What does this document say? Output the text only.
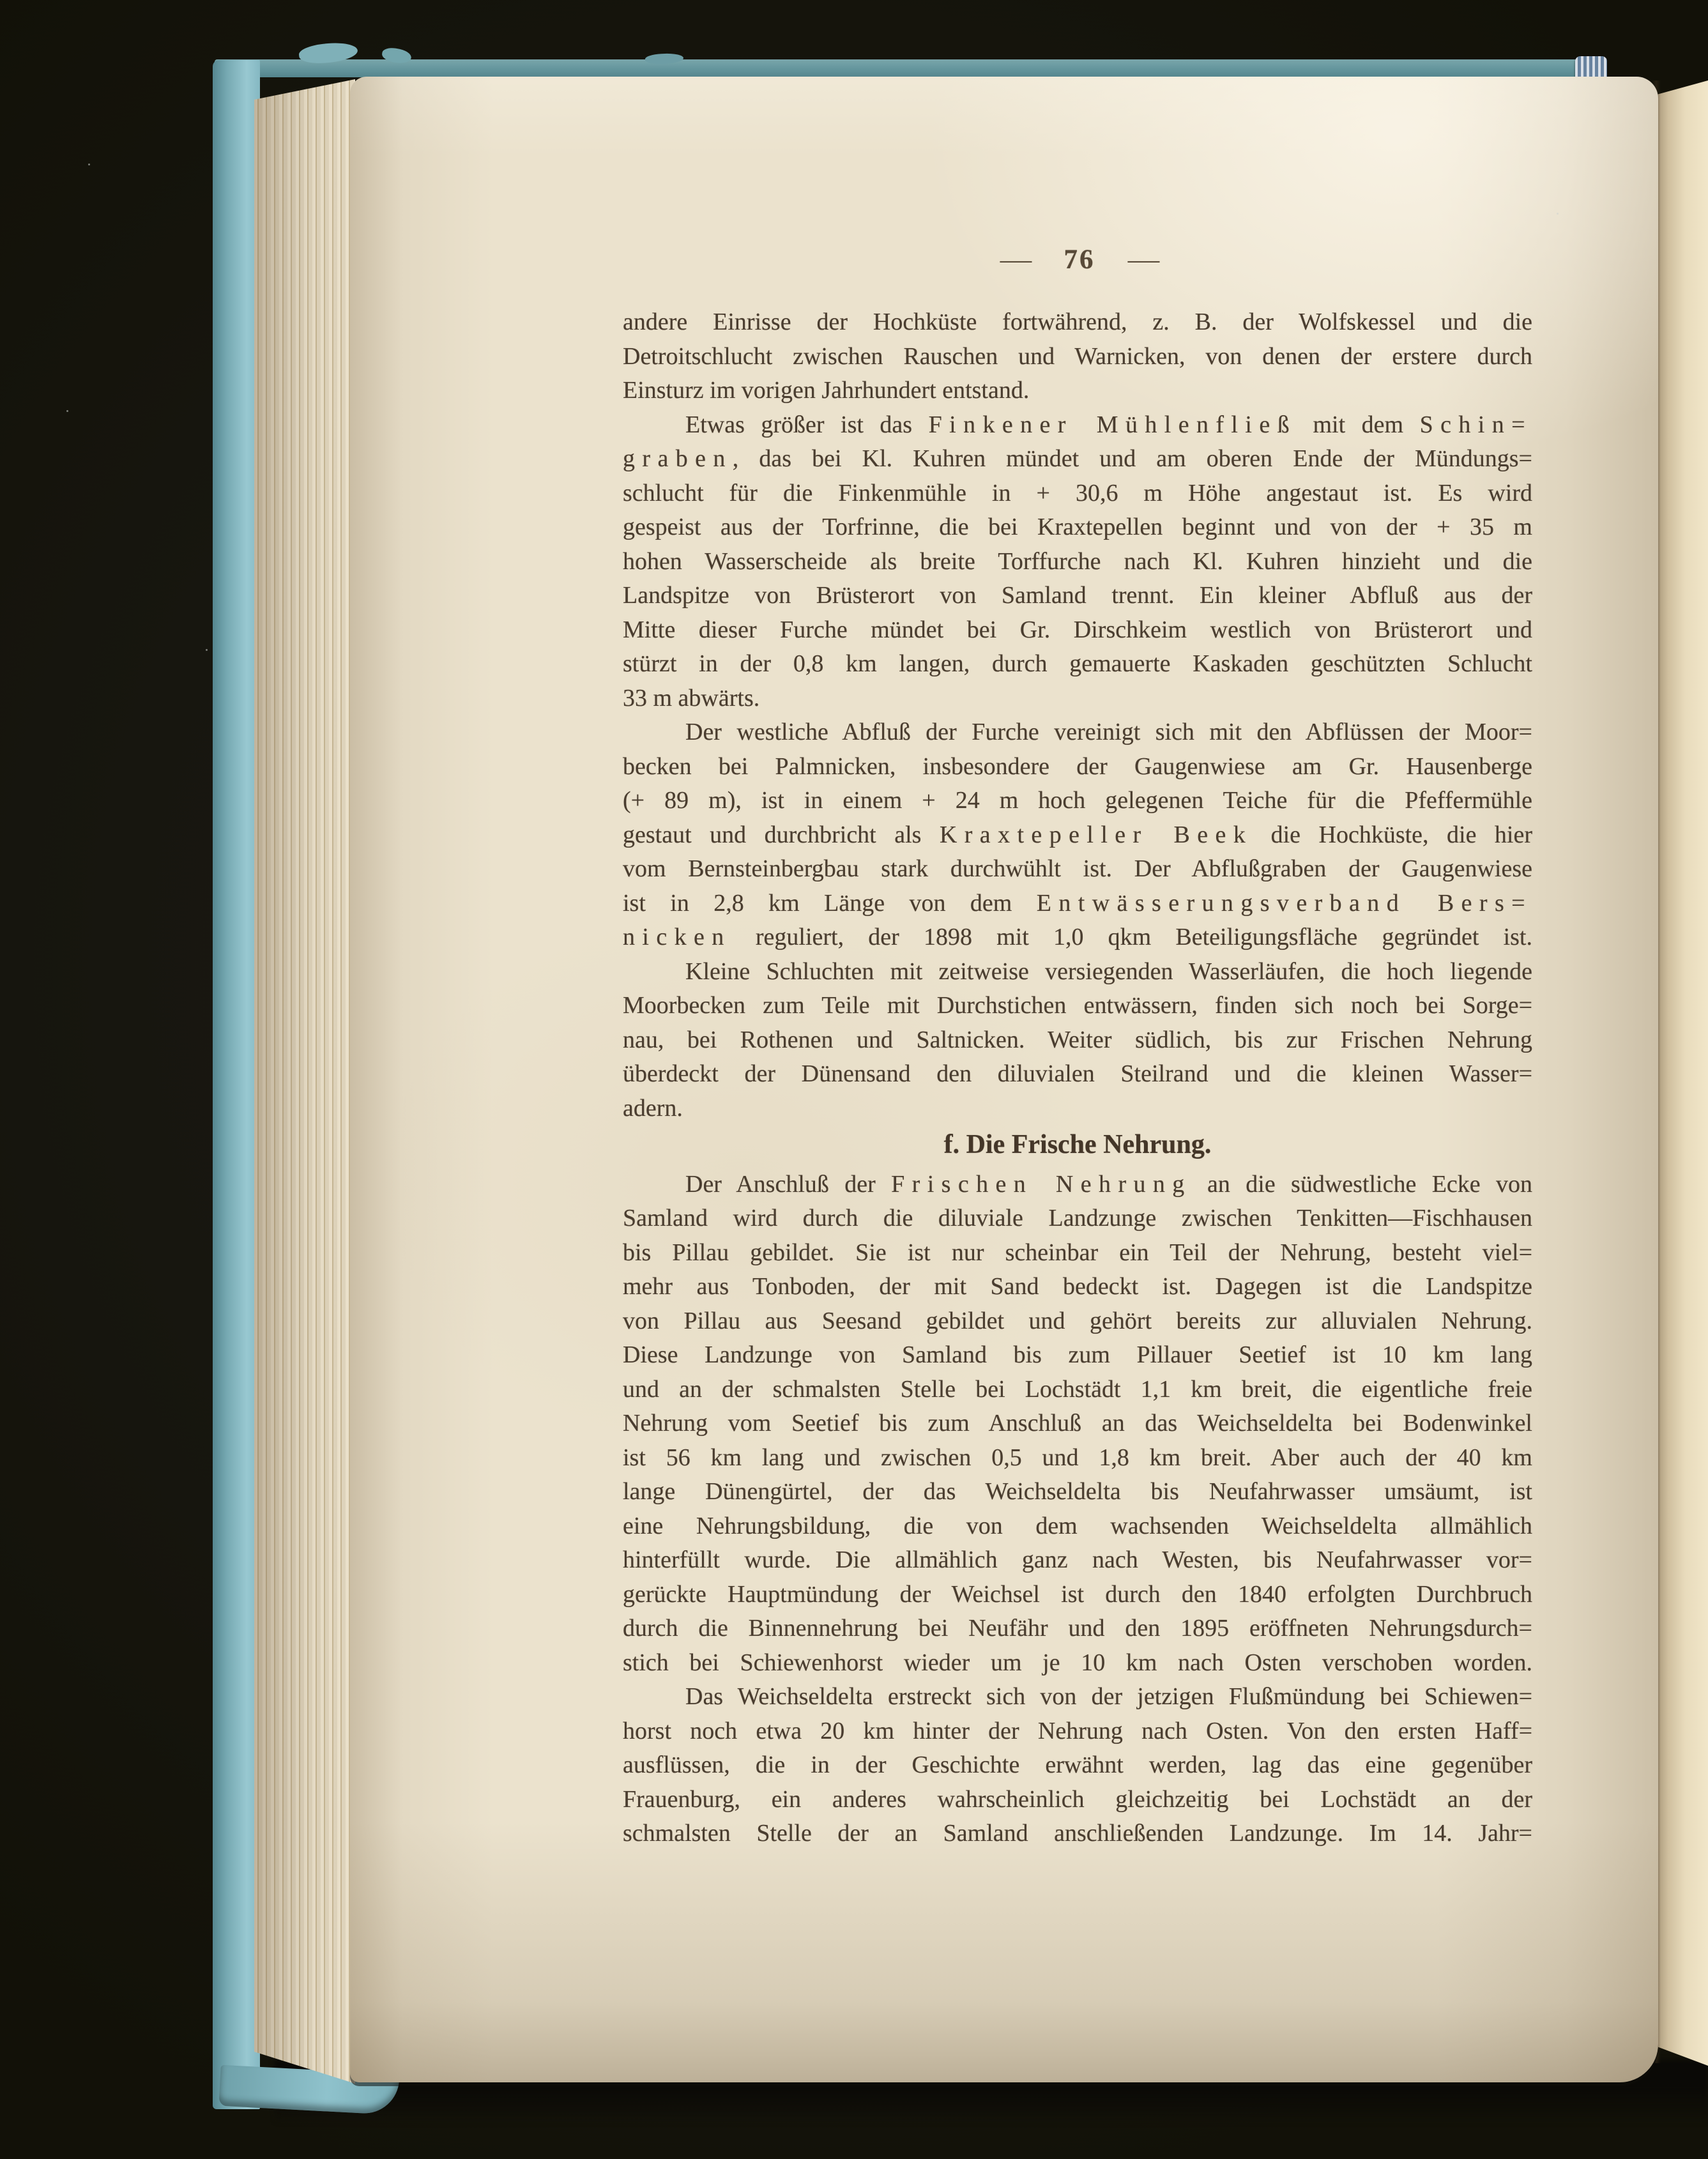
— 76 —
andere Einrisse der Hochküste fortwährend, z. B. der Wolfskessel und die
Detroitschlucht zwischen Rauschen und Warnicken, von denen der erstere durch
Einsturz im vorigen Jahrhundert entstand.
Etwas größer ist das Finkener Mühlenfließ mit dem Schin=
graben, das bei Kl. Kuhren mündet und am oberen Ende der Mündungs=
schlucht für die Finkenmühle in + 30,6 m Höhe angestaut ist. Es wird
gespeist aus der Torfrinne, die bei Kraxtepellen beginnt und von der + 35 m
hohen Wasserscheide als breite Torffurche nach Kl. Kuhren hinzieht und die
Landspitze von Brüsterort von Samland trennt. Ein kleiner Abfluß aus der
Mitte dieser Furche mündet bei Gr. Dirschkeim westlich von Brüsterort und
stürzt in der 0,8 km langen, durch gemauerte Kaskaden geschützten Schlucht
33 m abwärts.
Der westliche Abfluß der Furche vereinigt sich mit den Abflüssen der Moor=
becken bei Palmnicken, insbesondere der Gaugenwiese am Gr. Hausenberge
(+ 89 m), ist in einem + 24 m hoch gelegenen Teiche für die Pfeffermühle
gestaut und durchbricht als Kraxtepeller Beek die Hochküste, die hier
vom Bernsteinbergbau stark durchwühlt ist. Der Abflußgraben der Gaugenwiese
ist in 2,8 km Länge von dem Entwässerungsverband Bers=
nicken reguliert, der 1898 mit 1,0 qkm Beteiligungsfläche gegründet ist.
Kleine Schluchten mit zeitweise versiegenden Wasserläufen, die hoch liegende
Moorbecken zum Teile mit Durchstichen entwässern, finden sich noch bei Sorge=
nau, bei Rothenen und Saltnicken. Weiter südlich, bis zur Frischen Nehrung
überdeckt der Dünensand den diluvialen Steilrand und die kleinen Wasser=
adern.
f. Die Frische Nehrung.
Der Anschluß der Frischen Nehrung an die südwestliche Ecke von
Samland wird durch die diluviale Landzunge zwischen Tenkitten—Fischhausen
bis Pillau gebildet. Sie ist nur scheinbar ein Teil der Nehrung, besteht viel=
mehr aus Tonboden, der mit Sand bedeckt ist. Dagegen ist die Landspitze
von Pillau aus Seesand gebildet und gehört bereits zur alluvialen Nehrung.
Diese Landzunge von Samland bis zum Pillauer Seetief ist 10 km lang
und an der schmalsten Stelle bei Lochstädt 1,1 km breit, die eigentliche freie
Nehrung vom Seetief bis zum Anschluß an das Weichseldelta bei Bodenwinkel
ist 56 km lang und zwischen 0,5 und 1,8 km breit. Aber auch der 40 km
lange Dünengürtel, der das Weichseldelta bis Neufahrwasser umsäumt, ist
eine Nehrungsbildung, die von dem wachsenden Weichseldelta allmählich
hinterfüllt wurde. Die allmählich ganz nach Westen, bis Neufahrwasser vor=
gerückte Hauptmündung der Weichsel ist durch den 1840 erfolgten Durchbruch
durch die Binnennehrung bei Neufähr und den 1895 eröffneten Nehrungsdurch=
stich bei Schiewenhorst wieder um je 10 km nach Osten verschoben worden.
Das Weichseldelta erstreckt sich von der jetzigen Flußmündung bei Schiewen=
horst noch etwa 20 km hinter der Nehrung nach Osten. Von den ersten Haff=
ausflüssen, die in der Geschichte erwähnt werden, lag das eine gegenüber
Frauenburg, ein anderes wahrscheinlich gleichzeitig bei Lochstädt an der
schmalsten Stelle der an Samland anschließenden Landzunge. Im 14. Jahr=
